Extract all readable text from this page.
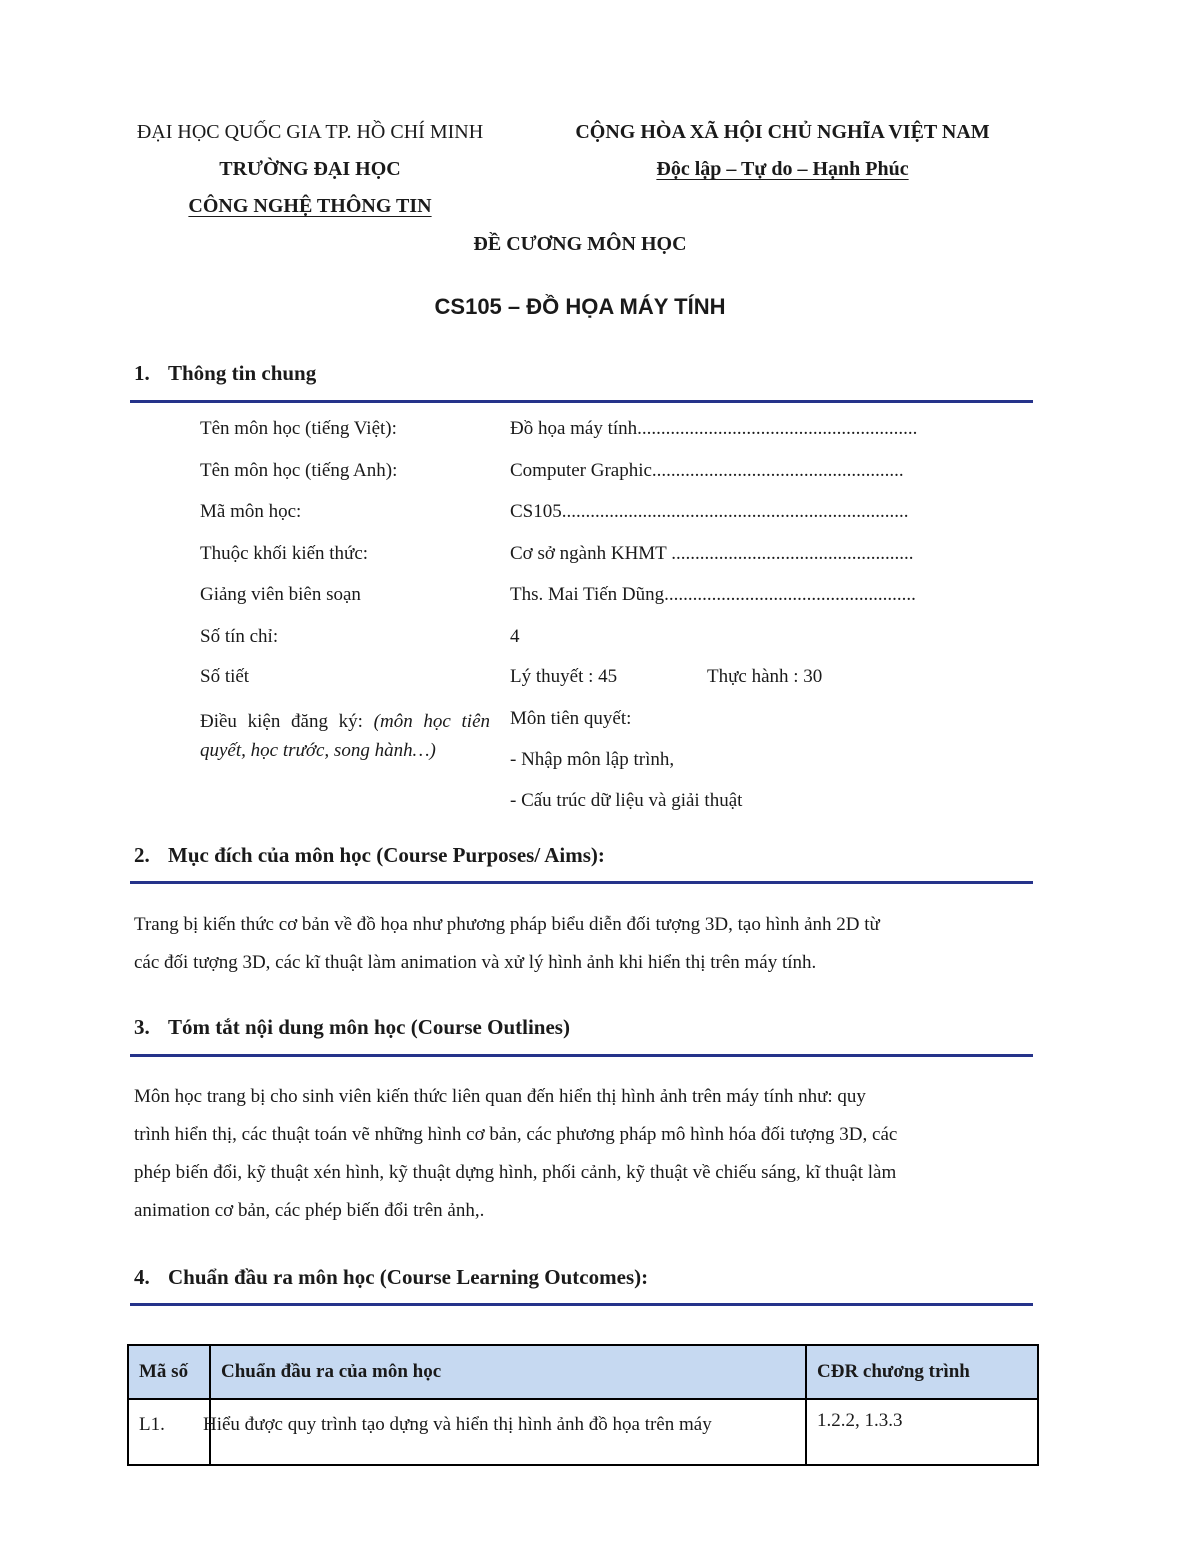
ĐẠI HỌC QUỐC GIA TP. HỒ CHÍ MINH
TRƯỜNG ĐẠI HỌC
CÔNG NGHỆ THÔNG TIN
CỘNG HÒA XÃ HỘI CHỦ NGHĨA VIỆT NAM
Độc lập – Tự do – Hạnh Phúc
ĐỀ CƯƠNG MÔN HỌC
CS105 – ĐỒ HỌA MÁY TÍNH
1. Thông tin chung
Tên môn học (tiếng Việt):	Đồ họa máy tính...........................................................
Tên môn học (tiếng Anh):	Computer Graphic.....................................................
Mã môn học:	CS105.........................................................................
Thuộc khối kiến thức:	Cơ sở ngành KHMT ...................................................
Giảng viên biên soạn	Ths. Mai Tiến Dũng.....................................................
Số tín chỉ:	4
Số tiết	Lý thuyết : 45	Thực hành : 30
Điều kiện đăng ký: (môn học tiên quyết, học trước, song hành…)
Môn tiên quyết:
- Nhập môn lập trình,
- Cấu trúc dữ liệu và giải thuật
2. Mục đích của môn học (Course Purposes/ Aims):
Trang bị kiến thức cơ bản về đồ họa như phương pháp biểu diễn đối tượng 3D, tạo hình ảnh 2D từ
các đối tượng 3D, các kĩ thuật làm animation và xử lý hình ảnh khi hiển thị trên máy tính.
3. Tóm tắt nội dung môn học (Course Outlines)
Môn học trang bị cho sinh viên kiến thức liên quan đến hiển thị hình ảnh trên máy tính như: quy
trình hiển thị, các thuật toán vẽ những hình cơ bản, các phương pháp mô hình hóa đối tượng 3D, các
phép biến đổi, kỹ thuật xén hình, kỹ thuật dựng hình, phối cảnh, kỹ thuật về chiếu sáng, kĩ thuật làm
animation cơ bản, các phép biến đổi trên ảnh,.
4. Chuẩn đầu ra môn học (Course Learning Outcomes):
Mã số	Chuẩn đầu ra của môn học	CĐR chương trình
L1.	Hiểu được quy trình tạo dựng và hiển thị hình ảnh đồ họa trên máy	1.2.2, 1.3.3
